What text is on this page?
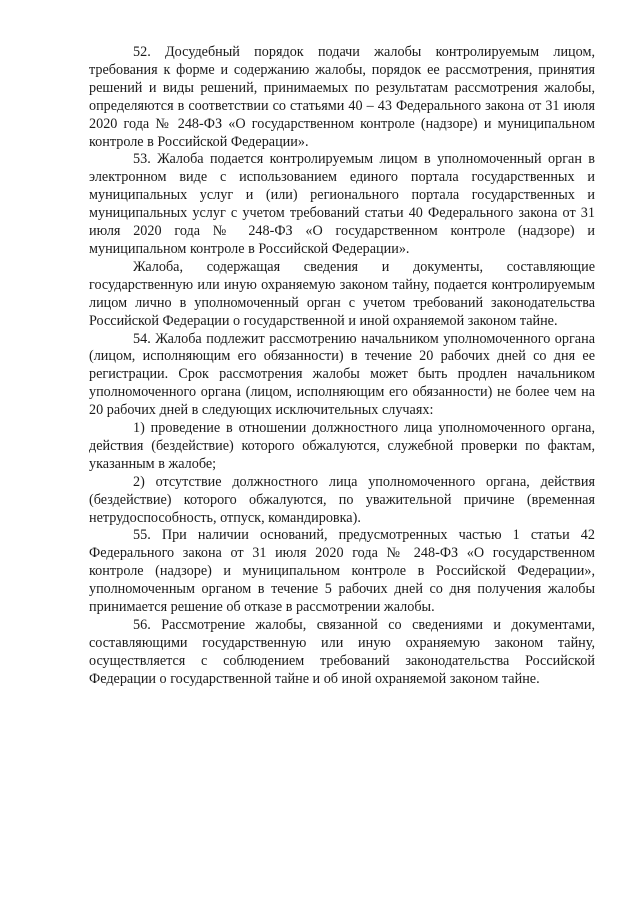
52. Досудебный порядок подачи жалобы контролируемым лицом, требования к форме и содержанию жалобы, порядок ее рассмотрения, принятия решений и виды решений, принимаемых по результатам рассмотрения жалобы, определяются в соответствии со статьями 40 – 43 Федерального закона от 31 июля 2020 года № 248-ФЗ «О государственном контроле (надзоре) и муниципальном контроле в Российской Федерации».

53. Жалоба подается контролируемым лицом в уполномоченный орган в электронном виде с использованием единого портала государственных и муниципальных услуг и (или) регионального портала государственных и муниципальных услуг с учетом требований статьи 40 Федерального закона от 31 июля 2020 года № 248-ФЗ «О государственном контроле (надзоре) и муниципальном контроле в Российской Федерации».

Жалоба, содержащая сведения и документы, составляющие государственную или иную охраняемую законом тайну, подается контролируемым лицом лично в уполномоченный орган с учетом требований законодательства Российской Федерации о государственной и иной охраняемой законом тайне.

54. Жалоба подлежит рассмотрению начальником уполномоченного органа (лицом, исполняющим его обязанности) в течение 20 рабочих дней со дня ее регистрации. Срок рассмотрения жалобы может быть продлен начальником уполномоченного органа (лицом, исполняющим его обязанности) не более чем на 20 рабочих дней в следующих исключительных случаях:

1) проведение в отношении должностного лица уполномоченного органа, действия (бездействие) которого обжалуются, служебной проверки по фактам, указанным в жалобе;

2) отсутствие должностного лица уполномоченного органа, действия (бездействие) которого обжалуются, по уважительной причине (временная нетрудоспособность, отпуск, командировка).

55. При наличии оснований, предусмотренных частью 1 статьи 42 Федерального закона от 31 июля 2020 года № 248-ФЗ «О государственном контроле (надзоре) и муниципальном контроле в Российской Федерации», уполномоченным органом в течение 5 рабочих дней со дня получения жалобы принимается решение об отказе в рассмотрении жалобы.

56. Рассмотрение жалобы, связанной со сведениями и документами, составляющими государственную или иную охраняемую законом тайну, осуществляется с соблюдением требований законодательства Российской Федерации о государственной тайне и об иной охраняемой законом тайне.
